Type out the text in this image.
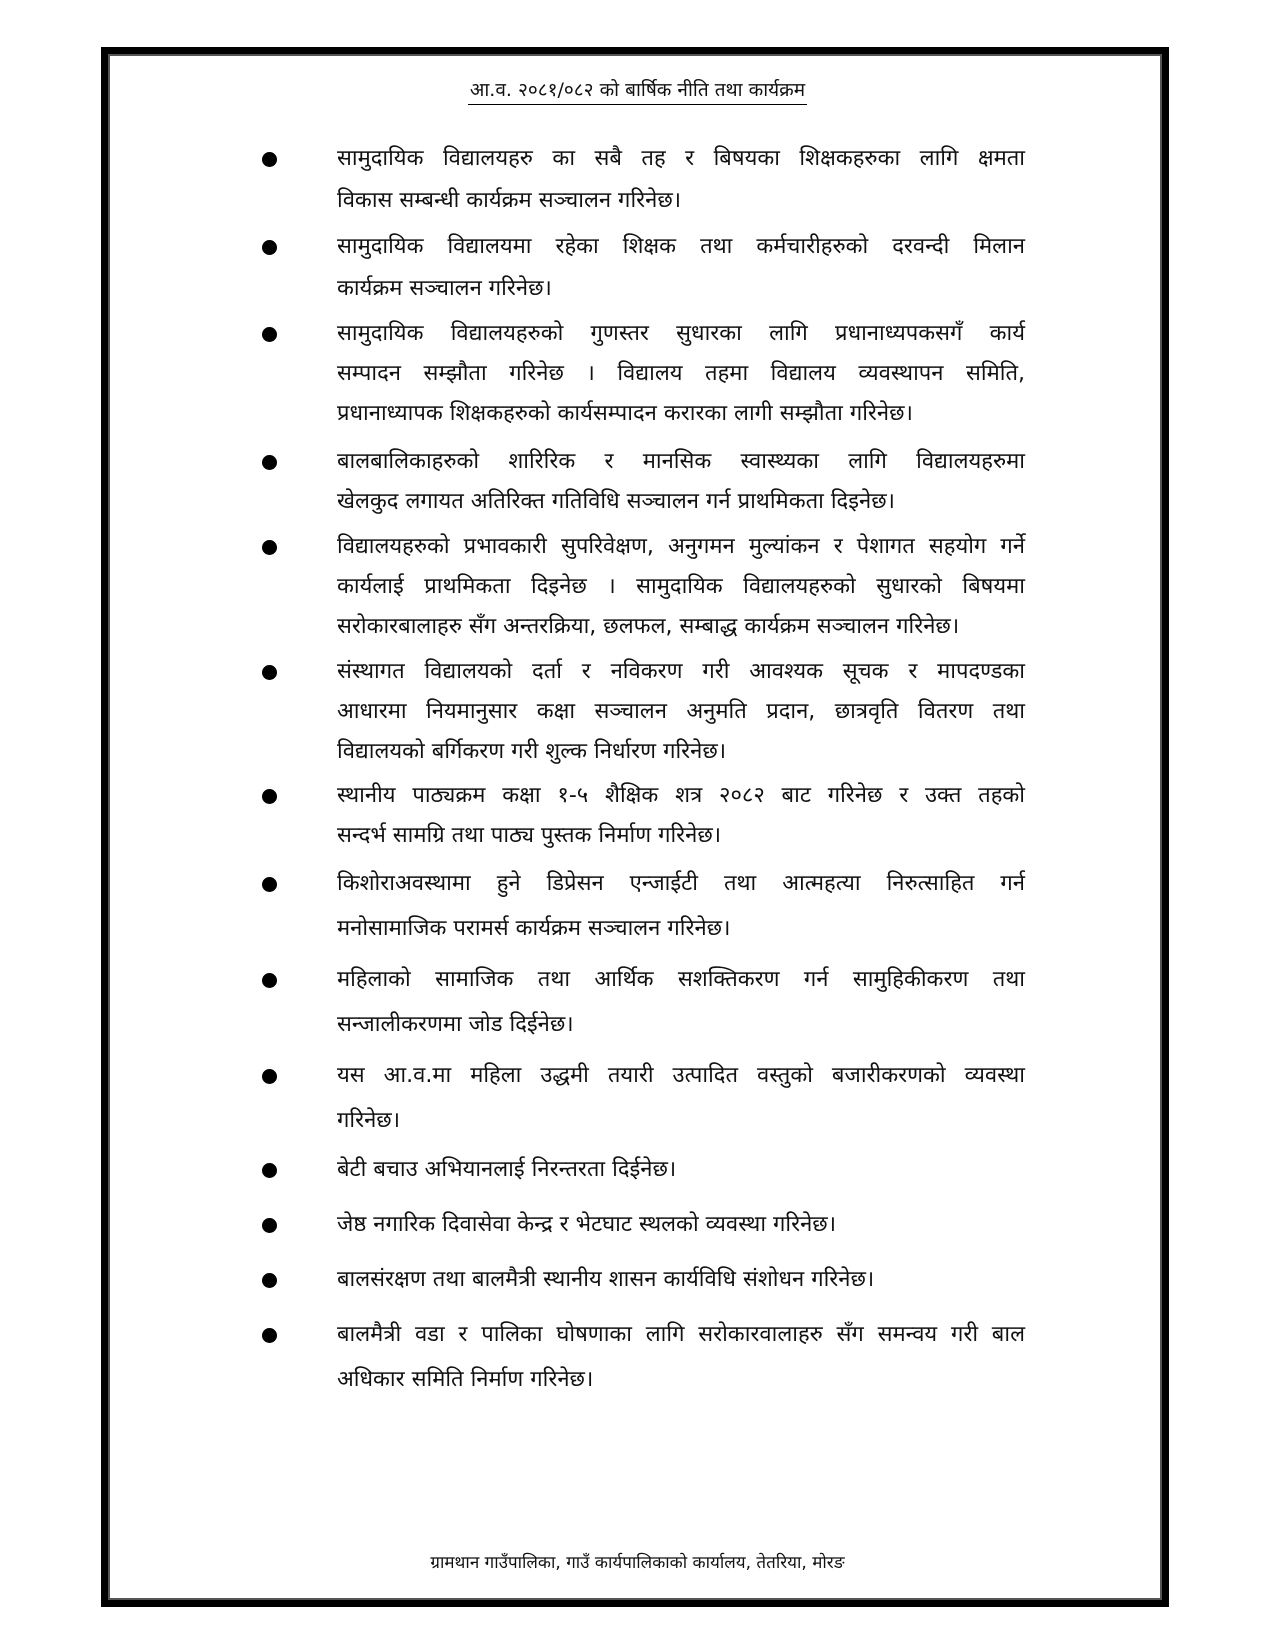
आ.व. २०८१/०८२ को बार्षिक नीति तथा कार्यक्रम
सामुदायिक विद्यालयहरु का सबै तह र बिषयका शिक्षकहरुका लागि क्षमता
विकास सम्बन्धी कार्यक्रम सञ्चालन गरिनेछ।
सामुदायिक विद्यालयमा रहेका शिक्षक तथा कर्मचारीहरुको दरवन्दी मिलान
कार्यक्रम सञ्चालन गरिनेछ।
सामुदायिक विद्यालयहरुको गुणस्तर सुधारका लागि प्रधानाध्यपकसगँ कार्य
सम्पादन सम्झौता गरिनेछ । विद्यालय तहमा विद्यालय व्यवस्थापन समिति,
प्रधानाध्यापक शिक्षकहरुको कार्यसम्पादन करारका लागी सम्झौता गरिनेछ।
बालबालिकाहरुको शारिरिक र मानसिक स्वास्थ्यका लागि विद्यालयहरुमा
खेलकुद लगायत अतिरिक्त गतिविधि सञ्चालन गर्न प्राथमिकता दिइनेछ।
विद्यालयहरुको प्रभावकारी सुपरिवेक्षण, अनुगमन मुल्यांकन र पेशागत सहयोग गर्ने
कार्यलाई प्राथमिकता दिइनेछ । सामुदायिक विद्यालयहरुको सुधारको बिषयमा
सरोकारबालाहरु सँग अन्तरक्रिया, छलफल, सम्बाद्ध कार्यक्रम सञ्चालन गरिनेछ।
संस्थागत विद्यालयको दर्ता र नविकरण गरी आवश्यक सूचक र मापदण्डका
आधारमा नियमानुसार कक्षा सञ्चालन अनुमति प्रदान, छात्रवृति वितरण तथा
विद्यालयको बर्गिकरण गरी शुल्क निर्धारण गरिनेछ।
स्थानीय पाठ्यक्रम कक्षा १-५ शैक्षिक शत्र २०८२ बाट गरिनेछ र उक्त तहको
सन्दर्भ सामग्रि तथा पाठ्य पुस्तक निर्माण गरिनेछ।
किशोराअवस्थामा हुने डिप्रेसन एन्जाईटी तथा आत्महत्या निरुत्साहित गर्न
मनोसामाजिक परामर्स कार्यक्रम सञ्चालन गरिनेछ।
महिलाको सामाजिक तथा आर्थिक सशक्तिकरण गर्न सामुहिकीकरण तथा
सन्जालीकरणमा जोड दिईनेछ।
यस आ.व.मा महिला उद्धमी तयारी उत्पादित वस्तुको बजारीकरणको व्यवस्था
गरिनेछ।
बेटी बचाउ अभियानलाई निरन्तरता दिईनेछ।
जेष्ठ नगारिक दिवासेवा केन्द्र र भेटघाट स्थलको व्यवस्था गरिनेछ।
बालसंरक्षण तथा बालमैत्री स्थानीय शासन कार्यविधि संशोधन गरिनेछ।
बालमैत्री वडा र पालिका घोषणाका लागि सरोकारवालाहरु सँग समन्वय गरी बाल
अधिकार समिति निर्माण गरिनेछ।
ग्रामथान गाउँपालिका, गाउँ कार्यपालिकाको कार्यालय, तेतरिया, मोरङ
